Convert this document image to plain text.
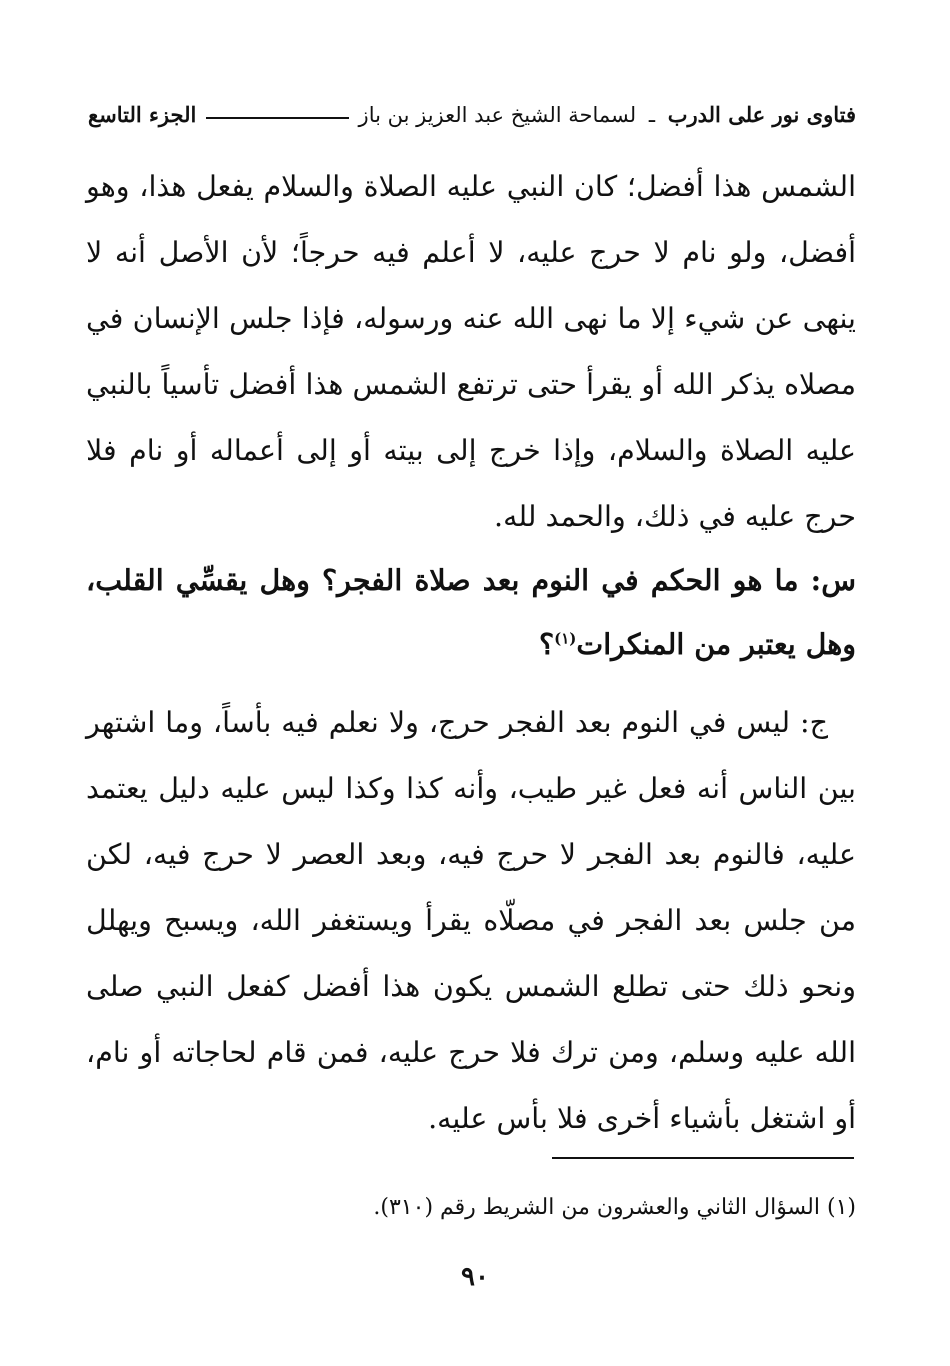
فتاوى نور على الدرب ـ لسماحة الشيخ عبد العزيز بن باز
الجزء التاسع
الشمس هذا أفضل؛ كان النبي عليه الصلاة والسلام يفعل هذا، وهو أفضل، ولو نام لا حرج عليه، لا أعلم فيه حرجاً؛ لأن الأصل أنه لا ينهى عن شيء إلا ما نهى الله عنه ورسوله، فإذا جلس الإنسان في مصلاه يذكر الله أو يقرأ حتى ترتفع الشمس هذا أفضل تأسياً بالنبي عليه الصلاة والسلام، وإذا خرج إلى بيته أو إلى أعماله أو نام فلا حرج عليه في ذلك، والحمد لله.
س: ما هو الحكم في النوم بعد صلاة الفجر؟ وهل يقسِّي القلب، وهل يعتبر من المنكرات$^{(١)}$؟
ج: ليس في النوم بعد الفجر حرج، ولا نعلم فيه بأساً، وما اشتهر بين الناس أنه فعل غير طيب، وأنه كذا وكذا ليس عليه دليل يعتمد عليه، فالنوم بعد الفجر لا حرج فيه، وبعد العصر لا حرج فيه، لكن من جلس بعد الفجر في مصلّاه يقرأ ويستغفر الله، ويسبح ويهلل ونحو ذلك حتى تطلع الشمس يكون هذا أفضل كفعل النبي صلى الله عليه وسلم، ومن ترك فلا حرج عليه، فمن قام لحاجاته أو نام، أو اشتغل بأشياء أخرى فلا بأس عليه.
(١) السؤال الثاني والعشرون من الشريط رقم (٣١٠).
٩٠
